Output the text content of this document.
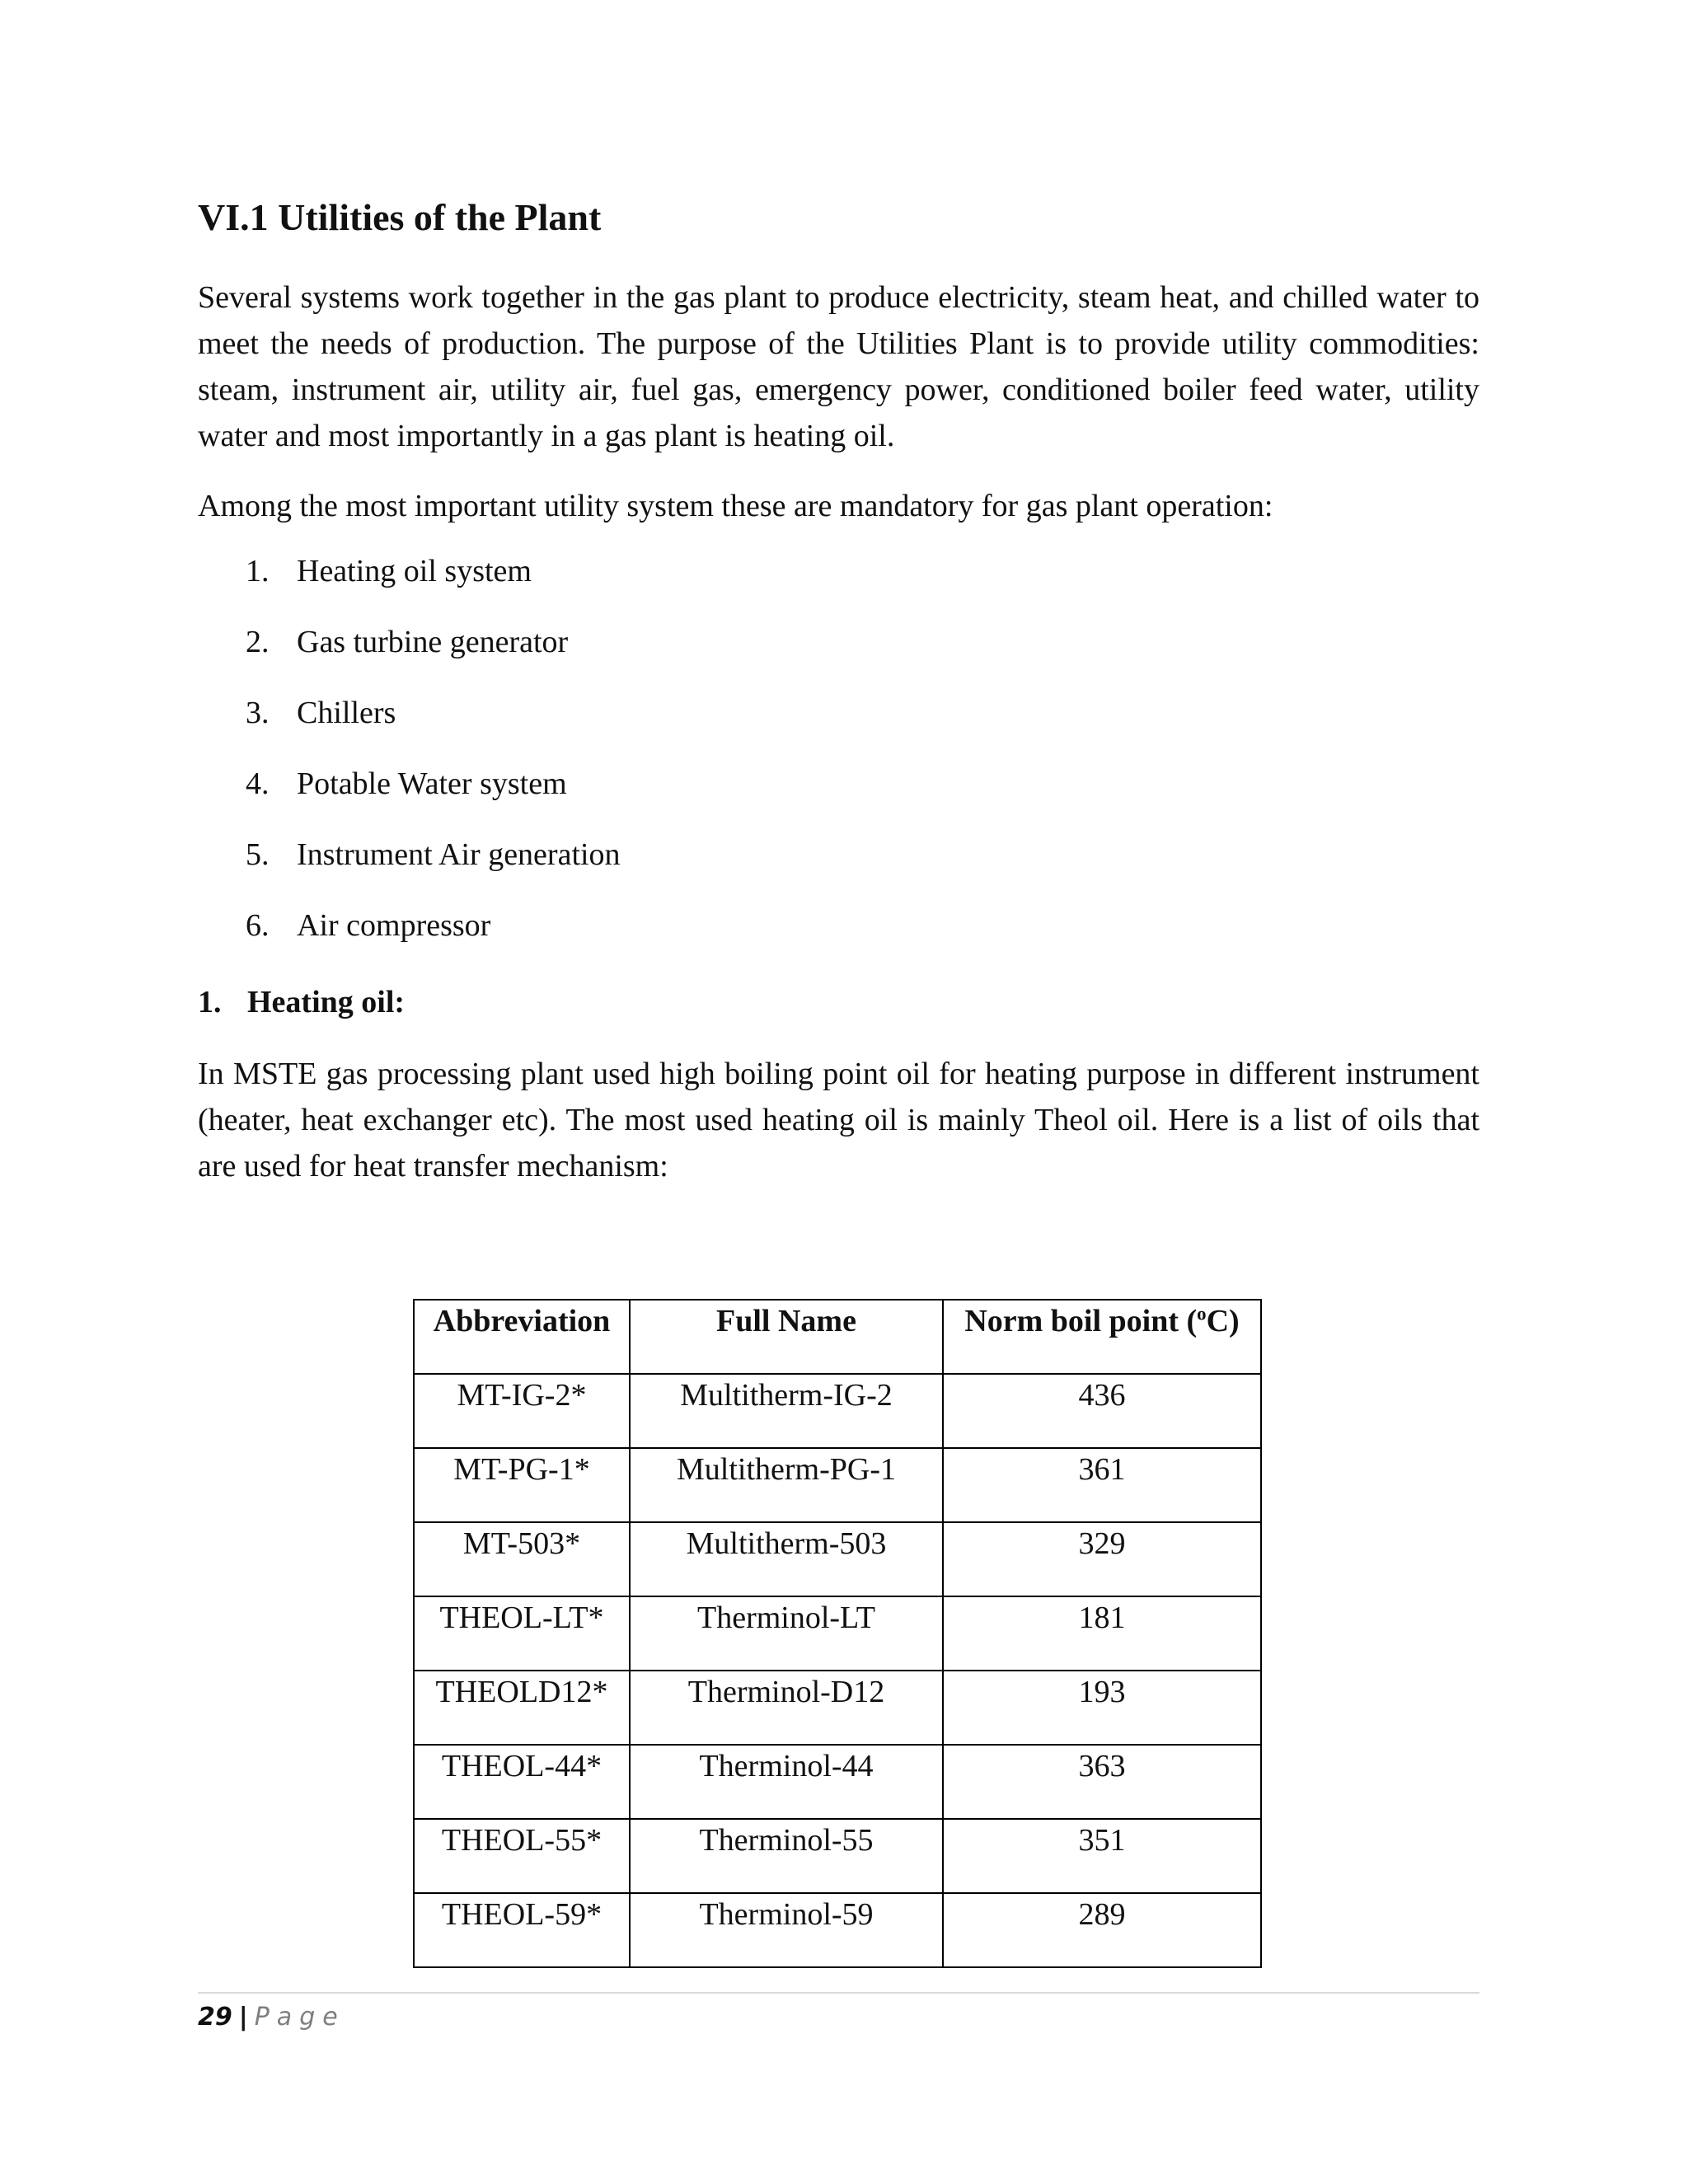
VI.1 Utilities of the Plant

Several systems work together in the gas plant to produce electricity, steam heat, and chilled water to meet the needs of production. The purpose of the Utilities Plant is to provide utility commodities: steam, instrument air, utility air, fuel gas, emergency power, conditioned boiler feed water, utility water and most importantly in a gas plant is heating oil.

Among the most important utility system these are mandatory for gas plant operation:

1. Heating oil system
2. Gas turbine generator
3. Chillers
4. Potable Water system
5. Instrument Air generation
6. Air compressor
1. Heating oil:

In MSTE gas processing plant used high boiling point oil for heating purpose in different instrument (heater, heat exchanger etc). The most used heating oil is mainly Theol oil. Here is a list of oils that are used for heat transfer mechanism:

Abbreviation	Full Name	Norm boil point ($^o$C)
MT-IG-2*	Multitherm-IG-2	436
MT-PG-1*	Multitherm-PG-1	361
MT-503*	Multitherm-503	329
THEOL-LT*	Therminol-LT	181
THEOLD12*	Therminol-D12	193
THEOL-44*	Therminol-44	363
THEOL-55*	Therminol-55	351
THEOL-59*	Therminol-59	289
29 | Page
